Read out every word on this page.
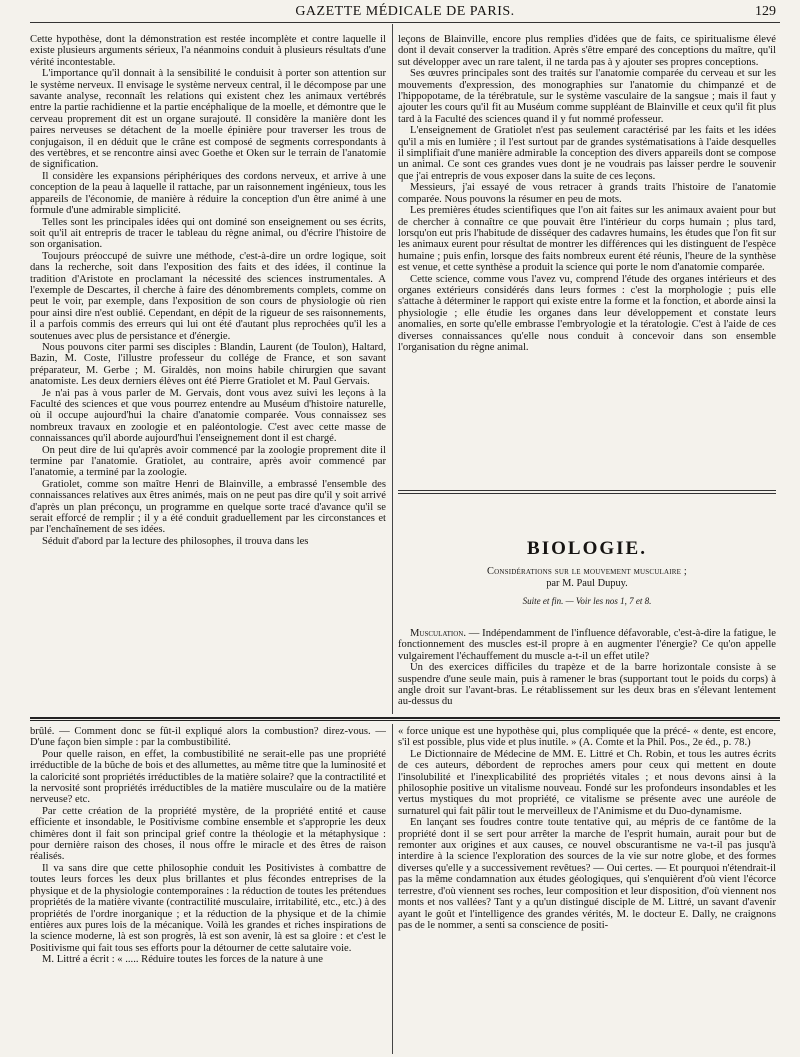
GAZETTE MÉDICALE DE PARIS.	129

Cette hypothèse, dont la démonstration est restée incomplète et contre laquelle il existe plusieurs arguments sérieux, l'a néanmoins conduit à plusieurs résultats d'une vérité incontestable.

L'importance qu'il donnait à la sensibilité le conduisit à porter son attention sur le système nerveux. Il envisage le système nerveux central, il le décompose par une savante analyse, reconnaît les relations qui existent chez les animaux vertébrés entre la partie rachidienne et la partie encéphalique de la moelle, et démontre que le cerveau proprement dit est un organe surajouté. Il considère la manière dont les paires nerveuses se détachent de la moelle épinière pour traverser les trous de conjugaison, il en déduit que le crâne est composé de segments correspondants à des vertèbres, et se rencontre ainsi avec Goethe et Oken sur le terrain de l'anatomie de signification.

Il considère les expansions périphériques des cordons nerveux, et arrive à une conception de la peau à laquelle il rattache, par un raisonnement ingénieux, tous les appareils de l'économie, de manière à réduire la conception d'un être animé à une formule d'une admirable simplicité.

Telles sont les principales idées qui ont dominé son enseignement ou ses écrits, soit qu'il ait entrepris de tracer le tableau du règne animal, ou d'écrire l'histoire de son organisation.

Toujours préoccupé de suivre une méthode, c'est-à-dire un ordre logique, soit dans la recherche, soit dans l'exposition des faits et des idées, il continue la tradition d'Aristote en proclamant la nécessité des sciences instrumentales. A l'exemple de Descartes, il cherche à faire des dénombrements complets, comme on peut le voir, par exemple, dans l'exposition de son cours de physiologie où rien pour ainsi dire n'est oublié. Cependant, en dépit de la rigueur de ses raisonnements, il a parfois commis des erreurs qui lui ont été d'autant plus reprochées qu'il les a soutenues avec plus de persistance et d'énergie.

Nous pouvons citer parmi ses disciples : Blandin, Laurent (de Toulon), Haltard, Bazin, M. Coste, l'illustre professeur du collége de France, et son savant préparateur, M. Gerbe ; M. Giraldès, non moins habile chirurgien que savant anatomiste. Les deux derniers élèves ont été Pierre Gratiolet et M. Paul Gervais.

Je n'ai pas à vous parler de M. Gervais, dont vous avez suivi les leçons à la Faculté des sciences et que vous pourrez entendre au Muséum d'histoire naturelle, où il occupe aujourd'hui la chaire d'anatomie comparée. Vous connaissez ses nombreux travaux en zoologie et en paléontologie. C'est avec cette masse de connaissances qu'il aborde aujourd'hui l'enseignement dont il est chargé.

On peut dire de lui qu'après avoir commencé par la zoologie proprement dite il termine par l'anatomie. Gratiolet, au contraire, après avoir commencé par l'anatomie, a terminé par la zoologie.

Gratiolet, comme son maître Henri de Blainville, a embrassé l'ensemble des connaissances relatives aux êtres animés, mais on ne peut pas dire qu'il y soit arrivé d'après un plan préconçu, un programme en quelque sorte tracé d'avance qu'il se serait efforcé de remplir ; il y a été conduit graduellement par les circonstances et par l'enchaînement de ses idées.

Séduit d'abord par la lecture des philosophes, il trouva dans les

leçons de Blainville, encore plus remplies d'idées que de faits, ce spiritualisme élevé dont il devait conserver la tradition. Après s'être emparé des conceptions du maître, qu'il sut développer avec un rare talent, il ne tarda pas à y ajouter ses propres conceptions.

Ses œuvres principales sont des traités sur l'anatomie comparée du cerveau et sur les mouvements d'expression, des monographies sur l'anatomie du chimpanzé et de l'hippopotame, de la térébratule, sur le système vasculaire de la sangsue ; mais il faut y ajouter les cours qu'il fit au Muséum comme suppléant de Blainville et ceux qu'il fit plus tard à la Faculté des sciences quand il y fut nommé professeur.

L'enseignement de Gratiolet n'est pas seulement caractérisé par les faits et les idées qu'il a mis en lumière ; il l'est surtout par de grandes systématisations à l'aide desquelles il simplifiait d'une manière admirable la conception des divers appareils dont se compose un animal. Ce sont ces grandes vues dont je ne voudrais pas laisser perdre le souvenir que j'ai entrepris de vous exposer dans la suite de ces leçons.

Messieurs, j'ai essayé de vous retracer à grands traits l'histoire de l'anatomie comparée. Nous pouvons la résumer en peu de mots.

Les premières études scientifiques que l'on ait faites sur les animaux avaient pour but de chercher à connaître ce que pouvait être l'intérieur du corps humain ; plus tard, lorsqu'on eut pris l'habitude de disséquer des cadavres humains, les études que l'on fit sur les animaux eurent pour résultat de montrer les différences qui les distinguent de l'espèce humaine ; puis enfin, lorsque des faits nombreux eurent été réunis, l'heure de la synthèse est venue, et cette synthèse a produit la science qui porte le nom d'anatomie comparée.

Cette science, comme vous l'avez vu, comprend l'étude des organes intérieurs et des organes extérieurs considérés dans leurs formes : c'est la morphologie ; puis elle s'attache à déterminer le rapport qui existe entre la forme et la fonction, et aborde ainsi la physiologie ; elle étudie les organes dans leur développement et constate leurs anomalies, en sorte qu'elle embrasse l'embryologie et la tératologie. C'est à l'aide de ces diverses connaissances qu'elle nous conduit à concevoir dans son ensemble l'organisation du règne animal.

BIOLOGIE.
Considérations sur le mouvement musculaire ;
par M. Paul Dupuy.
Suite et fin. — Voir les nos 1, 7 et 8.

Musculation. — Indépendamment de l'influence défavorable, c'est-à-dire la fatigue, le fonctionnement des muscles est-il propre à en augmenter l'énergie? Ce qu'on appelle vulgairement l'échauffement du muscle a-t-il un effet utile?

Un des exercices difficiles du trapèze et de la barre horizontale consiste à se suspendre d'une seule main, puis à ramener le bras (supportant tout le poids du corps) à angle droit sur l'avant-bras. Le rétablissement sur les deux bras en s'élevant lentement au-dessus du

brûlé. — Comment donc se fût-il expliqué alors la combustion? direz-vous. — D'une façon bien simple : par la combustibilité.

Pour quelle raison, en effet, la combustibilité ne serait-elle pas une propriété irréductible de la bûche de bois et des allumettes, au même titre que la luminosité et la caloricité sont propriétés irréductibles de la matière solaire? que la contractilité et la nervosité sont propriétés irréductibles de la matière musculaire ou de la matière nerveuse? etc.

Par cette création de la propriété mystère, de la propriété entité et cause efficiente et insondable, le Positivisme combine ensemble et s'approprie les deux chimères dont il fait son principal grief contre la théologie et la métaphysique : pour dernière raison des choses, il nous offre le miracle et des êtres de raison réalisés.

Il va sans dire que cette philosophie conduit les Positivistes à combattre de toutes leurs forces les deux plus brillantes et plus fécondes entreprises de la physique et de la physiologie contemporaines : la réduction de toutes les prétendues propriétés de la matière vivante (contractilité musculaire, irritabilité, etc., etc.) à des propriétés de l'ordre inorganique ; et la réduction de la physique et de la chimie entières aux pures lois de la mécanique. Voilà les grandes et riches inspirations de la science moderne, là est son progrès, là est son avenir, là est sa gloire : et c'est le Positivisme qui fait tous ses efforts pour la détourner de cette salutaire voie.

M. Littré a écrit : « ..... Réduire toutes les forces de la nature à une

« force unique est une hypothèse qui, plus compliquée que la précé- « dente, est encore, s'il est possible, plus vide et plus inutile. » (A. Comte et la Phil. Pos., 2e éd., p. 78.)

Le Dictionnaire de Médecine de MM. E. Littré et Ch. Robin, et tous les autres écrits de ces auteurs, débordent de reproches amers pour ceux qui mettent en doute l'insolubilité et l'inexplicabilité des propriétés vitales ; et nous devons ainsi à la philosophie positive un vitalisme nouveau. Fondé sur les profondeurs insondables et les vertus mystiques du mot propriété, ce vitalisme se présente avec une auréole de surnaturel qui fait pâlir tout le merveilleux de l'Animisme et du Duo-dynamisme.

En lançant ses foudres contre toute tentative qui, au mépris de ce fantôme de la propriété dont il se sert pour arrêter la marche de l'esprit humain, aurait pour but de remonter aux origines et aux causes, ce nouvel obscurantisme ne va-t-il pas jusqu'à interdire à la science l'exploration des sources de la vie sur notre globe, et des formes diverses qu'elle y a successivement revêtues? — Oui certes. — Et pourquoi n'étendrait-il pas la même condamnation aux études géologiques, qui s'enquièrent d'où vient l'écorce terrestre, d'où viennent ses roches, leur composition et leur disposition, d'où viennent nos monts et nos vallées? Tant y a qu'un distingué disciple de M. Littré, un savant d'avenir ayant le goût et l'intelligence des grandes vérités, M. le docteur E. Dally, ne craignons pas de le nommer, a senti sa conscience de positi-
